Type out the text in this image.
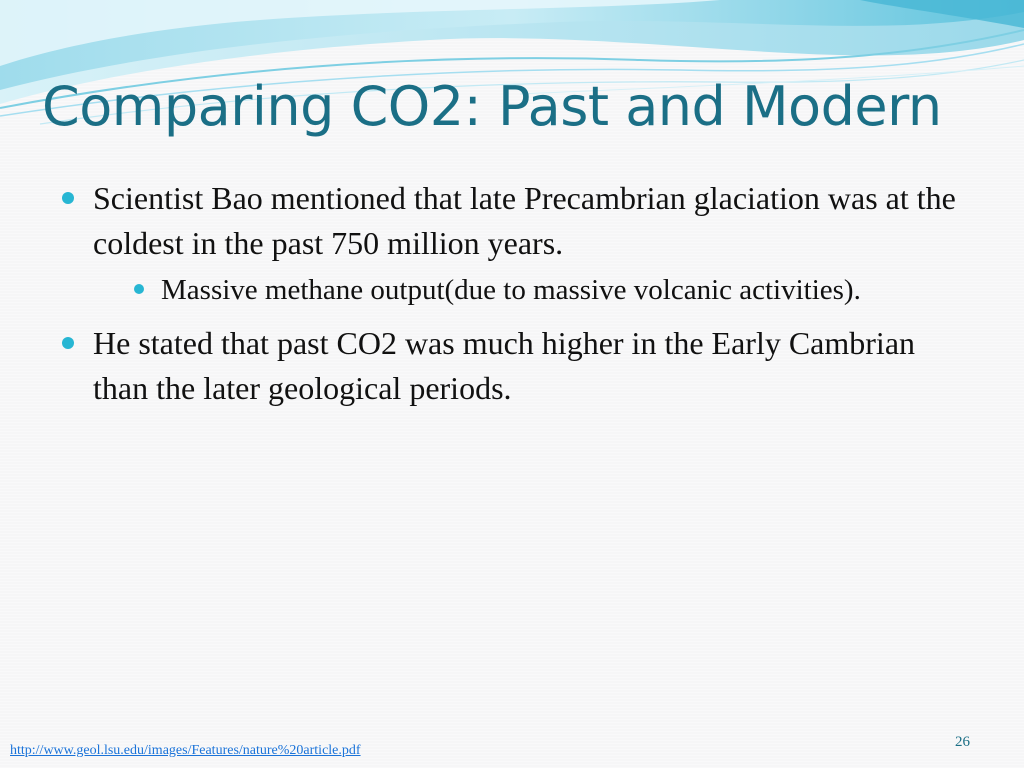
Comparing CO2: Past and Modern
Scientist Bao mentioned that late Precambrian glaciation was at the coldest in the past 750 million years.
Massive methane output(due to massive volcanic activities).
He stated that past CO2 was much higher in the Early Cambrian than the later geological periods.
http://www.geol.lsu.edu/images/Features/nature%20article.pdf
26
